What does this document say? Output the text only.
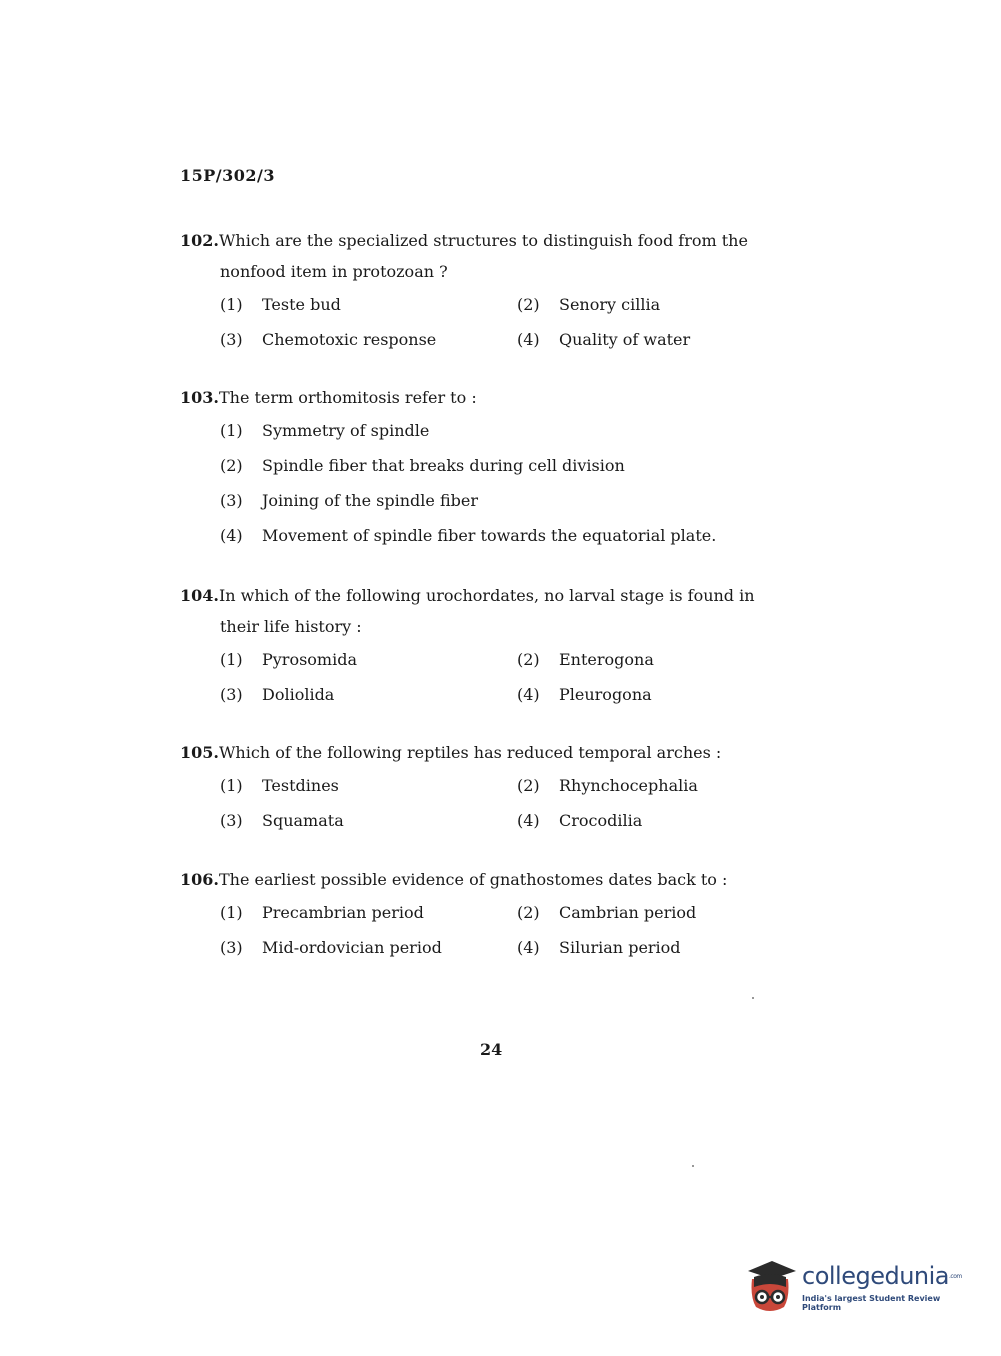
15P/302/3
102.Which are the specialized structures to distinguish food from the
nonfood item in protozoan ?
(1)	Teste bud	(2)	Senory cillia
(3)	Chemotoxic response	(4)	Quality of water
103.The term orthomitosis refer to :
(1)	Symmetry of spindle
(2)	Spindle fiber that breaks during cell division
(3)	Joining of the spindle fiber
(4)	Movement of spindle fiber towards the equatorial plate.
104.In which of the following urochordates, no larval stage is found in
their life history :
(1)	Pyrosomida	(2)	Enterogona
(3)	Doliolida	(4)	Pleurogona
105.Which of the following reptiles has reduced temporal arches :
(1)	Testdines	(2)	Rhynchocephalia
(3)	Squamata	(4)	Crocodilia
106.The earliest possible evidence of gnathostomes dates back to :
(1)	Precambrian period	(2)	Cambrian period
(3)	Mid-ordovician period	(4)	Silurian period
24
collegedunia.com
India's largest Student Review Platform
